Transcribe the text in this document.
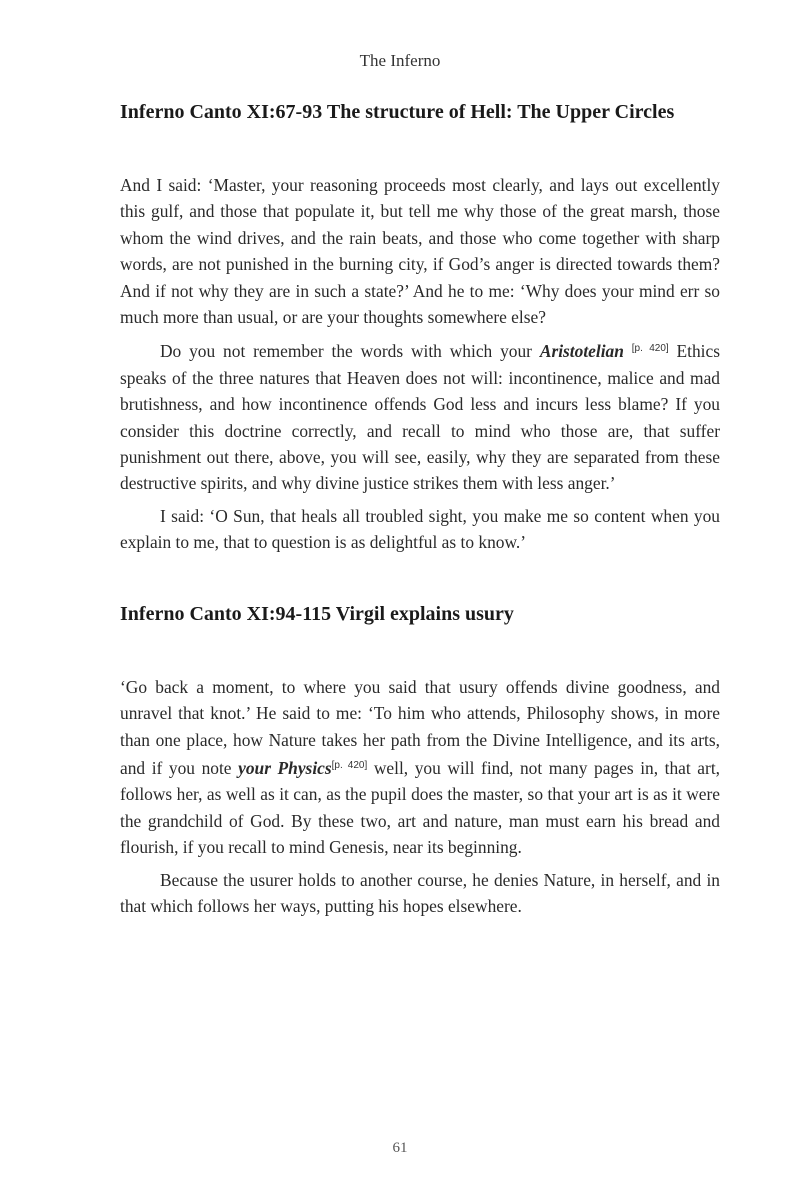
The Inferno
Inferno Canto XI:67-93 The structure of Hell: The Upper Circles

And I said: ‘Master, your reasoning proceeds most clearly, and lays out excellently this gulf, and those that populate it, but tell me why those of the great marsh, those whom the wind drives, and the rain beats, and those who come together with sharp words, are not punished in the burning city, if God’s anger is directed towards them? And if not why they are in such a state?’ And he to me: ‘Why does your mind err so much more than usual, or are your thoughts somewhere else?

Do you not remember the words with which your Aristotelian [p. 420] Ethics speaks of the three natures that Heaven does not will: incontinence, malice and mad brutishness, and how incontinence offends God less and incurs less blame? If you consider this doctrine correctly, and recall to mind who those are, that suffer punishment out there, above, you will see, easily, why they are separated from these destructive spirits, and why divine justice strikes them with less anger.’

I said: ‘O Sun, that heals all troubled sight, you make me so content when you explain to me, that to question is as delightful as to know.’

Inferno Canto XI:94-115 Virgil explains usury

‘Go back a moment, to where you said that usury offends divine goodness, and unravel that knot.’ He said to me: ‘To him who attends, Philosophy shows, in more than one place, how Nature takes her path from the Divine Intelligence, and its arts, and if you note your Physics[p. 420] well, you will find, not many pages in, that art, follows her, as well as it can, as the pupil does the master, so that your art is as it were the grandchild of God. By these two, art and nature, man must earn his bread and flourish, if you recall to mind Genesis, near its beginning.

Because the usurer holds to another course, he denies Nature, in herself, and in that which follows her ways, putting his hopes elsewhere.

61
